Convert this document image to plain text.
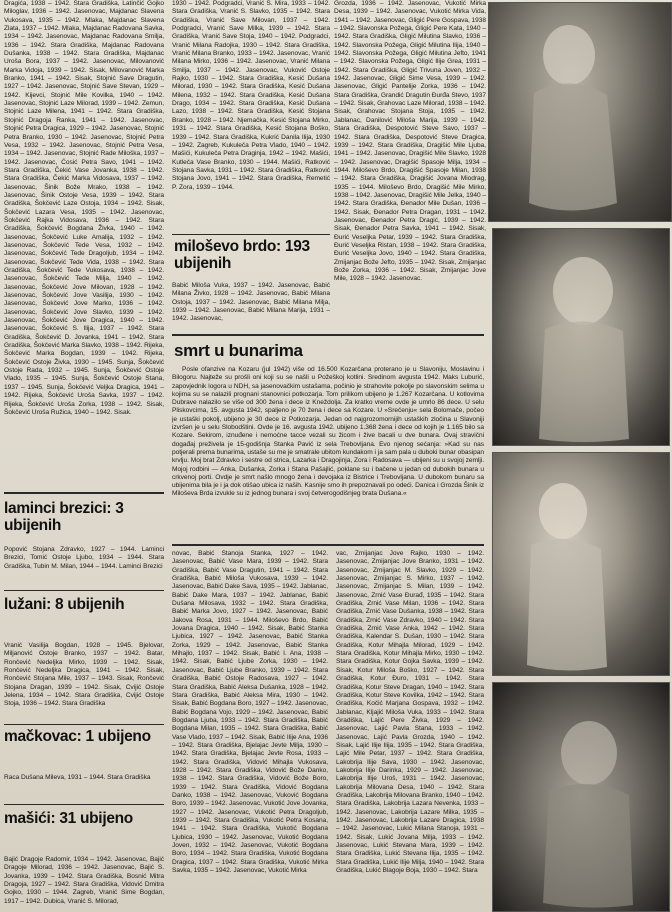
Dragića, 1938 – 1942. Stara Gradiška, Latinčić Gojko Miloglav, 1936 – 1942. Jasenovac, Majdanac Slavena Vukosava, 1935 – 1942. Mlaka, Majdanac Slavena Zlata, 1937 – 1942. Mlaka, Majdanac Radovana Savka, 1934 – 1942. Jasenovac, Majdanac Radovana Smilja, 1936 – 1942. Stara Gradiška, Majdanac Radovana Dušanka, 1938 – 1942. Stara Gradiška, Majdanac Uroša Bora, 1937 – 1942. Jasenovac, Milovanović Marka Vidoja, 1939 – 1942. Sisak, Milovanović Marka Branko, 1941 – 1942. Sisak, Stojnić Save Dragutin, 1927 – 1942. Jasenovac, Stojnić Save Stevan, 1929 – 1942. Kijevci, Stojnić Mile Kovilka, 1940 – 1942. Jasenovac, Stojnić Laze Milorad, 1939 – 1942. Zemun, Stojnić Laze Milena, 1941 – 1942. Stara Gradiška, Stojnić Dragoja Ranka, 1941 – 1942. Jasenovac, Stojnić Petra Dragica, 1929 – 1942. Jasenovac, Stojnić Petra Branko, 1930 – 1942. Jasenovac, Stojnić Petra Vesa, 1932 – 1942. Jasenovac, Stojnić Petra Vesa, 1934 – 1942. Jasenovac, Stojnić Rade Miloška, 1937 – 1942. Jasenovac, Ćosić Petra Savo, 1941 – 1942. Stara Gradiška, Čekić Vase Jovanka, 1938 – 1942. Stara Gradiška, Čekić Marka Vidosava, 1937 – 1942. Jasenovac, Šinik Bože Mrako, 1938 – 1942. Jasenovac, Šinik Ostoje Vesa, 1939 – 1942. Stara Gradiška, Šokčević Laze Ostoja, 1934 – 1942. Sisak, Šokčević Lazara Vesa, 1935 – 1942. Jasenovac, Šokčević Rajka Vidosava, 1936 – 1942. Stara Gradiška, Šokčević Bogdana Živka, 1940 – 1942. Jasenovac, Šokčević Luke Amalija, 1932 – 1942. Jasenovac, Šokčević Tede Vesa, 1932 – 1942. Jasenovac, Šokčević Tede Dragoljub, 1934 – 1942. Jasenovac, Šokčević Tede Vida, 1938 – 1942. Stara Gradiška, Šokčević Tede Vukosava, 1938 – 1942. Jasenovac, Šokčević Tede Milja, 1940 – 1942. Jasenovac, Šokčević Jove Milovan, 1928 – 1942. Jasenovac, Šokčević Jove Vasilija, 1930 – 1942. Jasenovac, Šokčević Jove Marko, 1936 – 1942. Jasenovac, Šokčević Jove Slavko, 1939 – 1942. Jasenovac, Šokčević Jove Dragica, 1940 – 1942. Jasenovac, Šokčević S. Ilija, 1937 – 1942. Stara Gradiška, Šokčević D. Jovanka, 1941 – 1942. Stara Gradiška, Šokčević Marka Slavko, 1938 – 1942. Rijeka, Šokčević Marka Bogdan, 1939 – 1942. Rijeka, Šokčević Ostoje Živka, 1930 – 1945. Sunja, Šokčević Ostoje Rada, 1932 – 1945. Sunja, Šokčević Ostoje Vlado, 1935 – 1945. Sunja, Šokčević Ostoje Stana, 1937 – 1945. Sunja, Šokčević Veljka Dragica, 1941 – 1942. Rijeka, Šokčević Uroša Savka, 1937 – 1942. Rijeka, Šokčević Uroša Zorka, 1938 – 1942. Sisak, Šokčević Uroša Ružica, 1940 – 1942. Sisak.

1930 – 1942. Podgradci, Vranić S. Mira, 1933 – 1942. Stara Gradiška, Vranić S. Slavko, 1935 – 1942. Stara Gradiška, Vranić Save Milovan, 1937 – 1942. Podgradci, Vranić Save Milka, 1939 – 1942. Stara Gradiška, Vranić Save Stoja, 1940 – 1942. Podgradci, Vranić Milana Radojka, 1930 – 1942. Stara Gradiška, Vranić Milana Branko, 1933 – 1942. Jasenovac, Vranić Milana Mirko, 1936 – 1942. Jasenovac, Vranić Milana Smilja, 1937 – 1942. Jasenovac, Vuković Ostoje Rajko, 1930 – 1942. Stara Gradiška, Kesić Dušana Milorad, 1930 – 1942. Stara Gradiška, Kesić Dušana Milena, 1932 – 1942. Stara Gradiška, Kesić Dušana Drago, 1934 – 1942. Stara Gradiška, Kesić Dušana Lazo, 1938 – 1942. Stara Gradiška, Kesić Stojana Branko, 1928 – 1942. Njemačka, Kesić Stojana Mirko, 1931 – 1942. Stara Gradiška, Kesić Stojana Boško, 1939 – 1942. Stara Gradiška, Kukrić Danila Ilija, 1930 – 1942. Zagreb, Kukuleča Petra Vlado, 1940 – 1942. Mašići, Kukuleča Petra Draginja, 1942 – 1942. Mašići, Kutleča Vase Branko, 1930 – 1944. Mašići, Ratković Stojana Savka, 1931 – 1942. Stara Gradiška, Ratković Stojana Jovo, 1941 – 1942. Stara Gradiška, Remetić P. Zora, 1939 – 1944.

Grozda, 1936 – 1942. Jasenovac, Vukotić Mirka Desa, 1939 – 1942. Jasenovac, Vukotić Mirka Vida, 1941 – 1942. Jasenovac, Gligić Pere Gospava, 1938 – 1942. Slavonska Požega, Gligić Pere Kata, 1940 – 1942. Stara Gradiška, Gligić Milutina Slavko, 1936 – 1942. Slavonska Požega, Gligić Milutina Ilija, 1940 – 1942. Slavonska Požega, Gligić Milutina Jefto, 1941 – 1942. Slavonska Požega, Gligić Ilije Grea, 1931 – 1942. Stara Gradiška, Gligić Trivuna Joven, 1932 – 1942. Jasenovac, Gligić Sime Vesa, 1939 – 1942. Jasenovac, Gligić Pantelije Zorka, 1936 – 1942. Stara Gradiška, Grandić Dragutin Đurđa Stevo, 1937 – 1942. Sisak, Grahovac Laze Milorad, 1938 – 1942. Sisak, Grahovac Stojana Stoja, 1935 – 1942. Jablanac, Danilović Miloša Marija, 1939 – 1942. Stara Gradiška, Despotović Steve Savo, 1937 – 1942. Stara Gradiška, Despotović Steve Dragica, 1939 – 1942. Stara Gradiška, Dragišić Mile Ljuba, 1941 – 1942. Jasenovac, Dragišić Mile Slavko, 1928 – 1942. Jasenovac, Dragišić Spasoje Milja, 1934 – 1944. Miloševo Brdo, Dragišić Spasoje Milan, 1938 – 1942. Stara Gradiška, Dragišić Jovana Miodrag, 1935 – 1944. Miloševo Brdo, Dragišić Mile Mirko, 1938 – 1942. Jasenovac, Dragišić Mile Jelka, 1940 – 1942. Stara Gradiška, Đenador Mile Dušan, 1936 – 1942. Sisak, Đenador Petra Dragan, 1931 – 1942. Jasenovac, Đenador Petra Dragić, 1939 – 1942. Sisak, Đenador Petra Savka, 1941 – 1942. Sisak, Đurić Veseljka Petar, 1939 – 1942. Stara Gradiška, Đurić Veseljka Ristan, 1938 – 1942. Stara Gradiška, Đurić Veseljka Jovo, 1940 – 1942. Stara Gradiška, Zmijanjac Bože Jefto, 1935 – 1942. Sisak, Zmijanjac Bože Zorka, 1936 – 1942. Sisak, Zmijanjac Jove Mile, 1928 – 1942. Jasenovac.

miloševo brdo: 193 ubijenih

Babić Miloša Vuka, 1937 – 1942. Jasenovac, Babić Milana Živko, 1928 – 1942. Jasenovac, Babić Milana Ostoja, 1937 – 1942. Jasenovac, Babić Milana Milja, 1939 – 1942. Jasenovac, Babić Milana Marija, 1931 – 1942. Jasenovac,

smrt u bunarima

Posle ofanzive na Kozaru (jul 1942) više od 16.500 Kozarčana proterano je u Slavoniju, Moslavinu i Bilogoru. Najteže su prošli oni koji su se našli u Požeškoj kotlini. Sredinom avgusta 1942. Maks Luburić, zapovjednik logora u NDH, sa jasenovačkim ustašama, počinio je strahovite pokolje po slavonskim selima u kojima su se nalazili prognani stanovnici potkozarja. Tom prilikom ubijeno je 1.267 Kozarčana. U kotlovima Dubrave nalazilo se više od 300 žena i dece iz Kneždolja. Za kratko vreme ovde je umrlo 86 dece. U selu Pliskovcima, 15. avgusta 1942, spaljeno je 70 žena i dece sa Kozare. U »Srečenju« sela Bolomače, počeo je ustaški pokolj, ubijeno je 30 dece iz Potkozarja. Jedan od najgrozomornijih ustaških zločina u Slavoniji izvršen je u selu Slobodštini. Ovde je 16. avgusta 1942. ubijeno 1.368 žena i dece od kojih je 1.165 bilo sa Kozare. Sekirom, iznuđene i nemoćne tacce vezali su žicom i žive bacali u dve bunara. Ovaj stravični događaj preživela je 15-godišnja Stanka Pavić iz sela Trebovljana. Evo njenog sećanja: »Kad su nas potjerali prema bunarima, ustaše su me je smatrale ubitom kundakom i ja sam pala u duboki bunar obasipan krvlju. Moj brat Zdravko i sestre od strica, Lazarka i Dragojinja, Zora i Radosava — ubijeni su u svojoj zemlji. Mojoj rodbini — Anka, Dušanka, Zorka i Stana Pašajlić, poklane su i bačene u jedan od dubokih bunara u crkvenoj porti. Ovdje je smrt našlo mnogo žena i devojaka iz Bistrice i Trebovljana. U dubokom bunaru sa ubijenima bila je i ja dok otišao ubica iz naših. Kasnije smo ih prepoznavali po odeći. Danica i Grozda Šinik iz Miloševa Brda izvukle su iz jednog bunara i svoj četverogodišnjeg brata Dušana.«

laminci brezici: 3 ubijenih

Popović Stojana Zdravko, 1927 – 1944. Laminci Brezici, Tomić Ostoje Ljubo, 1934 – 1944. Stara Gradiška, Tubin M. Milan, 1944 – 1944. Laminci Brezici

lužani: 8 ubijenih

Vranić Vasilija Bogdan, 1928 – 1945. Bjelovar, Miljanović Ostoje Branko, 1937 – 1942. Batar, Rončević Nedeljka Mirko, 1939 – 1942. Sisak, Rončević Nedeljka Dragica, 1941 – 1942. Sisak, Rončević Stojana Mile, 1937 – 1943. Sisak, Rončević Stojana Dragan, 1939 – 1942. Sisak, Cvijić Ostoje Jelena, 1934 – 1942. Stara Gradiška, Cvijić Ostoje Stoja, 1936 – 1942. Stara Gradiška

mačkovac: 1 ubijeno

Raca Dušana Mileva, 1931 – 1944. Stara Gradiška

mašići: 31 ubijeno

Bajić Dragoje Radomir, 1934 – 1942. Jasenovac, Bajić Dragoje Milorad, 1936 – 1942. Jasenovac, Bajić S. Jovanka, 1939 – 1942. Stara Gradiška, Bosnić Mitra Dragoja, 1927 – 1942. Stara Gradiška, Vidović Dmitra Gojko, 1930 – 1944. Zagreb, Vranić Sime Bogdan, 1917 – 1942. Dubica, Vranić S. Milorad,

novac, Babić Stanoja Stanka, 1927 – 1942. Jasenovac, Babić Vase Mara, 1939 – 1942. Stara Gradiška, Babić Vase Dragutin, 1941 – 1942. Stara Gradiška, Babić Miloša Vukosava, 1939 – 1942. Jasenovac, Babić Dake Sava, 1935 – 1942. Jablanac, Babić Dake Mara, 1937 – 1942. Jablanac, Babić Dušana Milosava, 1932 – 1942. Stara Gradiška, Babić Marka Jovo, 1927 – 1942. Jasenovac, Babić Jakova Rosa, 1931 – 1944. Miloševo Brdo, Babić Jovana Dragica, 1940 – 1942. Sisak, Babić Stanka Ljubica, 1927 – 1942. Jasenovac, Babić Stanka Zorka, 1929 – 1942. Jasenovac, Babić Stanka Mihajlo, 1937 – 1942. Sisak, Babić I. Ana, 1938 – 1942. Sisak, Babić Ljube Zorka, 1930 – 1942. Jasenovac, Babić Ljube Branko, 1939 – 1942. Stara Gradiška, Babić Ostoje Radosava, 1927 – 1942. Stara Gradiška, Babić Aleksa Dušanka, 1928 – 1942. Stara Gradiška, Babić Aleksa Mira, 1930 – 1942. Sisak, Babić Bogdana Boro, 1927 – 1942. Jasenovac, Babić Bogdana Vojo, 1929 – 1942. Jasenovac, Babić Bogdana Ljuba, 1933 – 1942. Stara Gradiška, Babić Bogdana Milan, 1935 – 1942. Stara Gradiška, Babić Vase Vlado, 1937 – 1942. Sisak, Babić Ilije Ana, 1936 – 1942. Stara Gradiška, Bjelajac Jevte Milja, 1930 – 1942. Stara Gradiška, Bjelajac Jevte Rosa, 1933 – 1942. Stara Gradiška, Vidović Mihajla Vukosava, 1928 – 1942. Stara Gradiška, Vidović Bože Danko, 1938 – 1942. Stara Gradiška, Vidović Bože Boro, 1939 – 1942. Stara Gradiška, Vidović Bogdana Danko, 1938 – 1942. Jasenovac, Vuković Bogdana Boro, 1939 – 1942. Jasenovac, Vukotić Jove Jovanka, 1927 – 1942. Jasenovac, Vukotić Petra Dragoljub, 1939 – 1942. Stara Gradiška, Vukotić Petra Kosana, 1941 – 1942. Stara Gradiška, Vukotić Bogdana Ljubica, 1930 – 1942. Jasenovac, Vukotić Bogdana Joven, 1932 – 1942. Jasenovac, Vukotić Bogdana Boro, 1934 – 1942. Stara Gradiška, Vukotić Bogdana Dragica, 1937 – 1942. Stara Gradiška, Vukotić Mirka Savka, 1935 – 1942. Jasenovac, Vukotić Mirka

vac, Zmijanjac Jove Rajko, 1930 – 1942. Jasenovac, Zmijanjac Jove Branko, 1931 – 1942. Jasenovac, Zmijanjac M. Slavko, 1929 – 1942. Jasenovac, Zmijanjac S. Mirko, 1937 – 1942. Jasenovac, Zmijanjac S. Milan, 1939 – 1942. Jasenovac, Zrnić Vase Đurađ, 1935 – 1942. Stara Gradiška, Zrnić Vase Milan, 1936 – 1942. Stara Gradiška, Zrnić Vase Dušanka, 1938 – 1942. Stara Gradiška, Zrnić Vase Zdravko, 1940 – 1942. Stara Gradiška, Zrnić Vase Anka, 1942 – 1942. Stara Gradiška, Kalendar S. Dušan, 1930 – 1942. Stara Gradiška, Kotur Mihajla Milorad, 1929 – 1942. Stara Gradiška, Kotur Mihajla Mirko, 1930 – 1942. Stara Gradiška, Kotur Gojka Savka, 1939 – 1942. Sisak, Kotur Miloša Boško, 1927 – 1942. Stara Gradiška, Kotur Đuro, 1931 – 1942. Stara Gradiška, Kotur Steve Dragan, 1940 – 1942. Stara Gradiška, Kotur Steve Kovilka, 1942 – 1942. Stara Gradiška, Kočić Marjana Gospava, 1932 – 1942. Jablanac, Kljajić Miloša Vuka, 1933 – 1942. Stara Gradiška, Lajić Pere Živka, 1929 – 1942. Jasenovac, Lajić Pavla Stana, 1933 – 1942. Jasenovac, Lajić Pavla Grozda, 1940 – 1942. Sisak, Lajić Ilije Ilija, 1935 – 1942. Stara Gradiška, Lajić Mile Petar, 1937 – 1942. Stara Gradiška, Lakobrija Ilije Sava, 1930 – 1942. Jasenovac, Lakobrija Ilije Darinka, 1929 – 1942. Jasenovac, Lakobrija Ilije Uroš, 1931 – 1942. Jasenovac, Lakobrija Milovana Desa, 1940 – 1942. Stara Gradiška, Lakobrija Milovana Branko, 1940 – 1942. Stara Gradiška, Lakobrija Lazara Nevenka, 1933 – 1942. Jasenovac, Lakobrija Lazare Milka, 1935 – 1942. Jasenovac, Lakobrija Lazare Dragica, 1938 – 1942. Jasenovac, Lukić Milana Stanoja, 1931 – 1942. Sisak, Lukić Jovana Milja, 1933 – 1942. Jasenovac, Lukić Stevana Mara, 1939 – 1942. Stara Gradiška, Lukić Stevana Ilija, 1935 – 1942. Stara Gradiška, Lukić Ilije Milja, 1940 – 1942. Stara Gradiška, Lukić Blagoje Boja, 1930 – 1942. Stara
